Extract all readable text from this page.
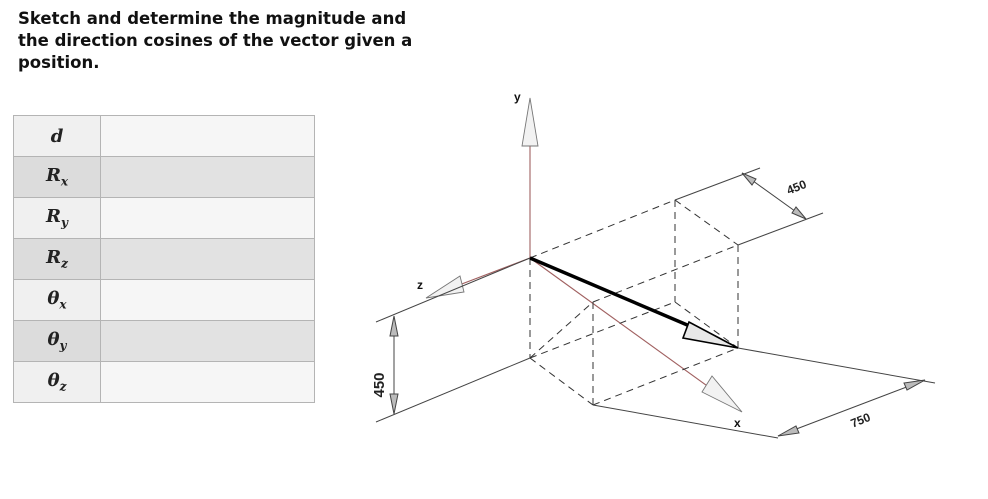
Sketch and determine the magnitude and
the direction cosines of the vector given a
position.
d	
$R_x$	
$R_y$	
$R_z$	
$\theta_x$	
$\theta_y$	
$\theta_z$	
y
z
x
450
450
750
